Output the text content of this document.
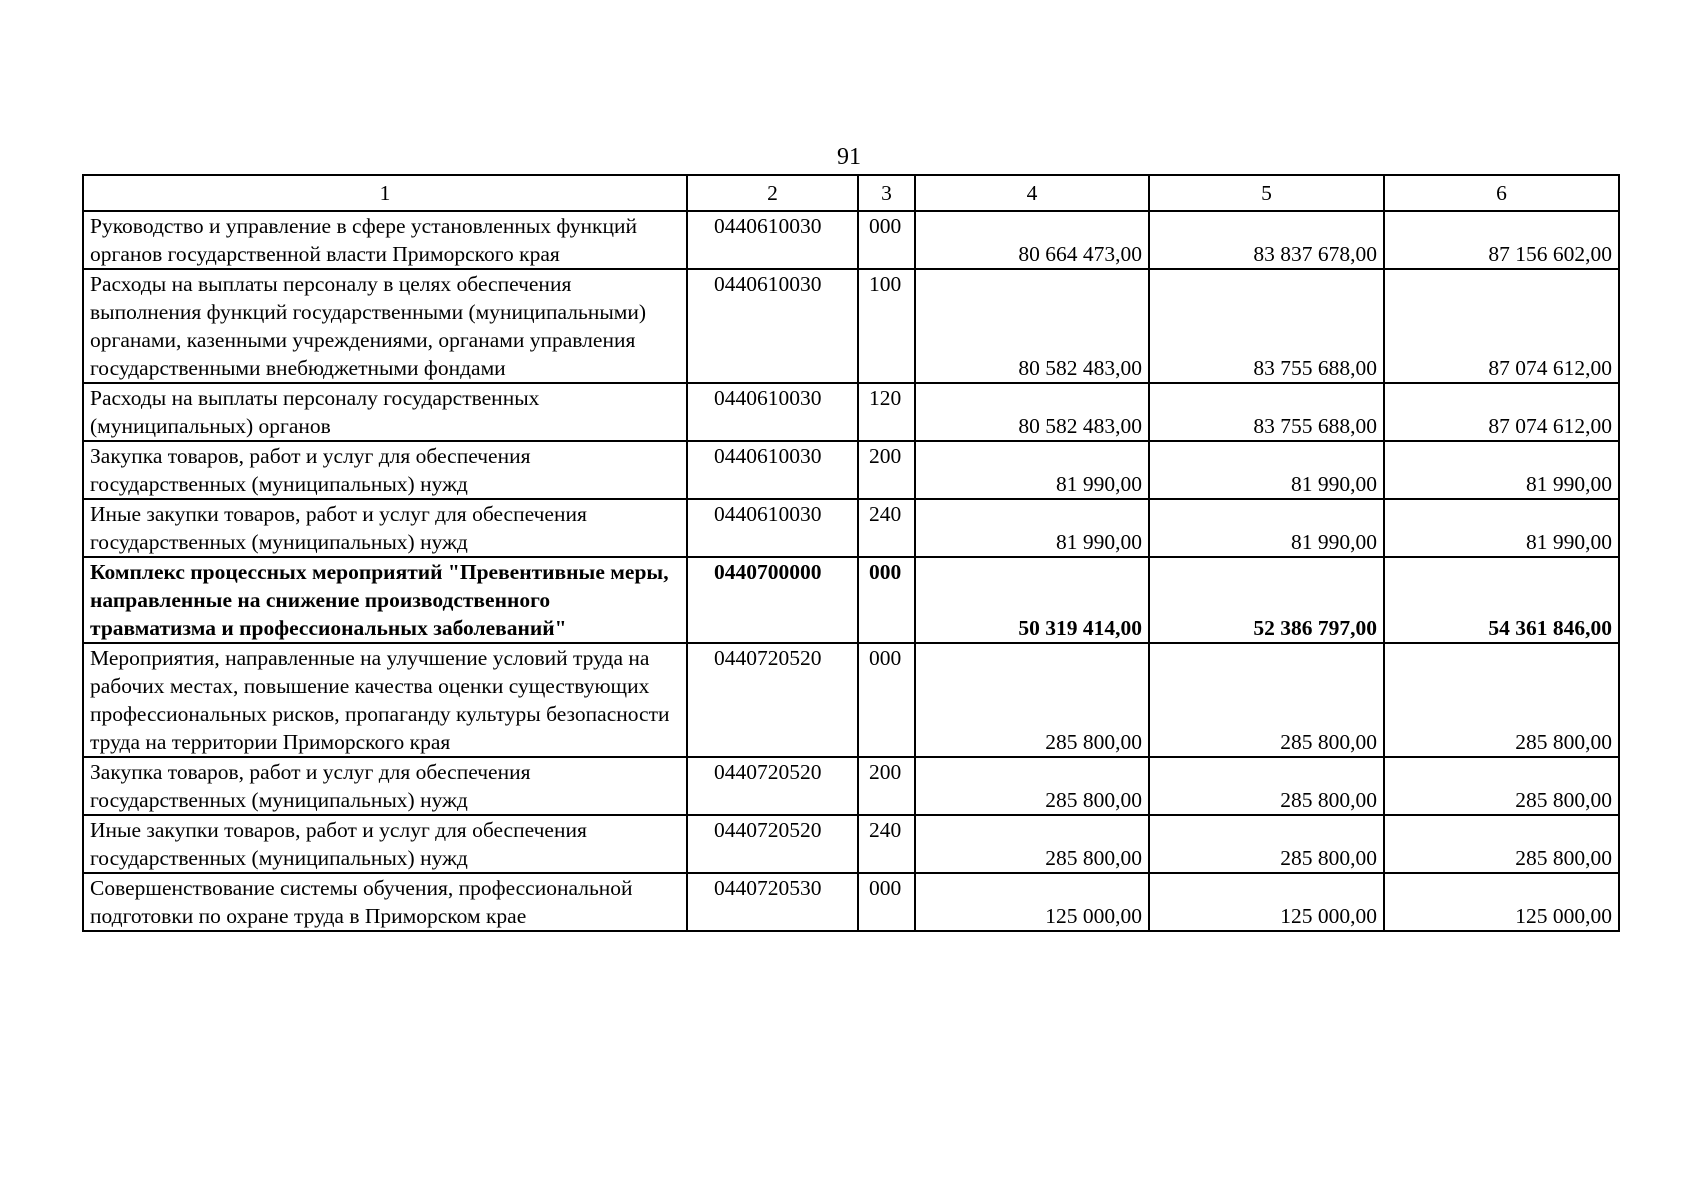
91
1	2	3	4	5	6
Руководство и управление в сфере установленных функций органов государственной власти Приморского края	0440610030	000	80 664 473,00	83 837 678,00	87 156 602,00
Расходы на выплаты персоналу в целях обеспечения выполнения функций государственными (муниципальными) органами, казенными учреждениями, органами управления государственными внебюджетными фондами	0440610030	100	80 582 483,00	83 755 688,00	87 074 612,00
Расходы на выплаты персоналу государственных (муниципальных) органов	0440610030	120	80 582 483,00	83 755 688,00	87 074 612,00
Закупка товаров, работ и услуг для обеспечения государственных (муниципальных) нужд	0440610030	200	81 990,00	81 990,00	81 990,00
Иные закупки товаров, работ и услуг для обеспечения государственных (муниципальных) нужд	0440610030	240	81 990,00	81 990,00	81 990,00
Комплекс процессных мероприятий "Превентивные меры, направленные на снижение производственного травматизма и профессиональных заболеваний"	0440700000	000	50 319 414,00	52 386 797,00	54 361 846,00
Мероприятия, направленные на улучшение условий труда на рабочих местах, повышение качества оценки существующих профессиональных рисков, пропаганду культуры безопасности труда на территории Приморского края	0440720520	000	285 800,00	285 800,00	285 800,00
Закупка товаров, работ и услуг для обеспечения государственных (муниципальных) нужд	0440720520	200	285 800,00	285 800,00	285 800,00
Иные закупки товаров, работ и услуг для обеспечения государственных (муниципальных) нужд	0440720520	240	285 800,00	285 800,00	285 800,00
Совершенствование системы обучения, профессиональной подготовки по охране труда в Приморском крае	0440720530	000	125 000,00	125 000,00	125 000,00
